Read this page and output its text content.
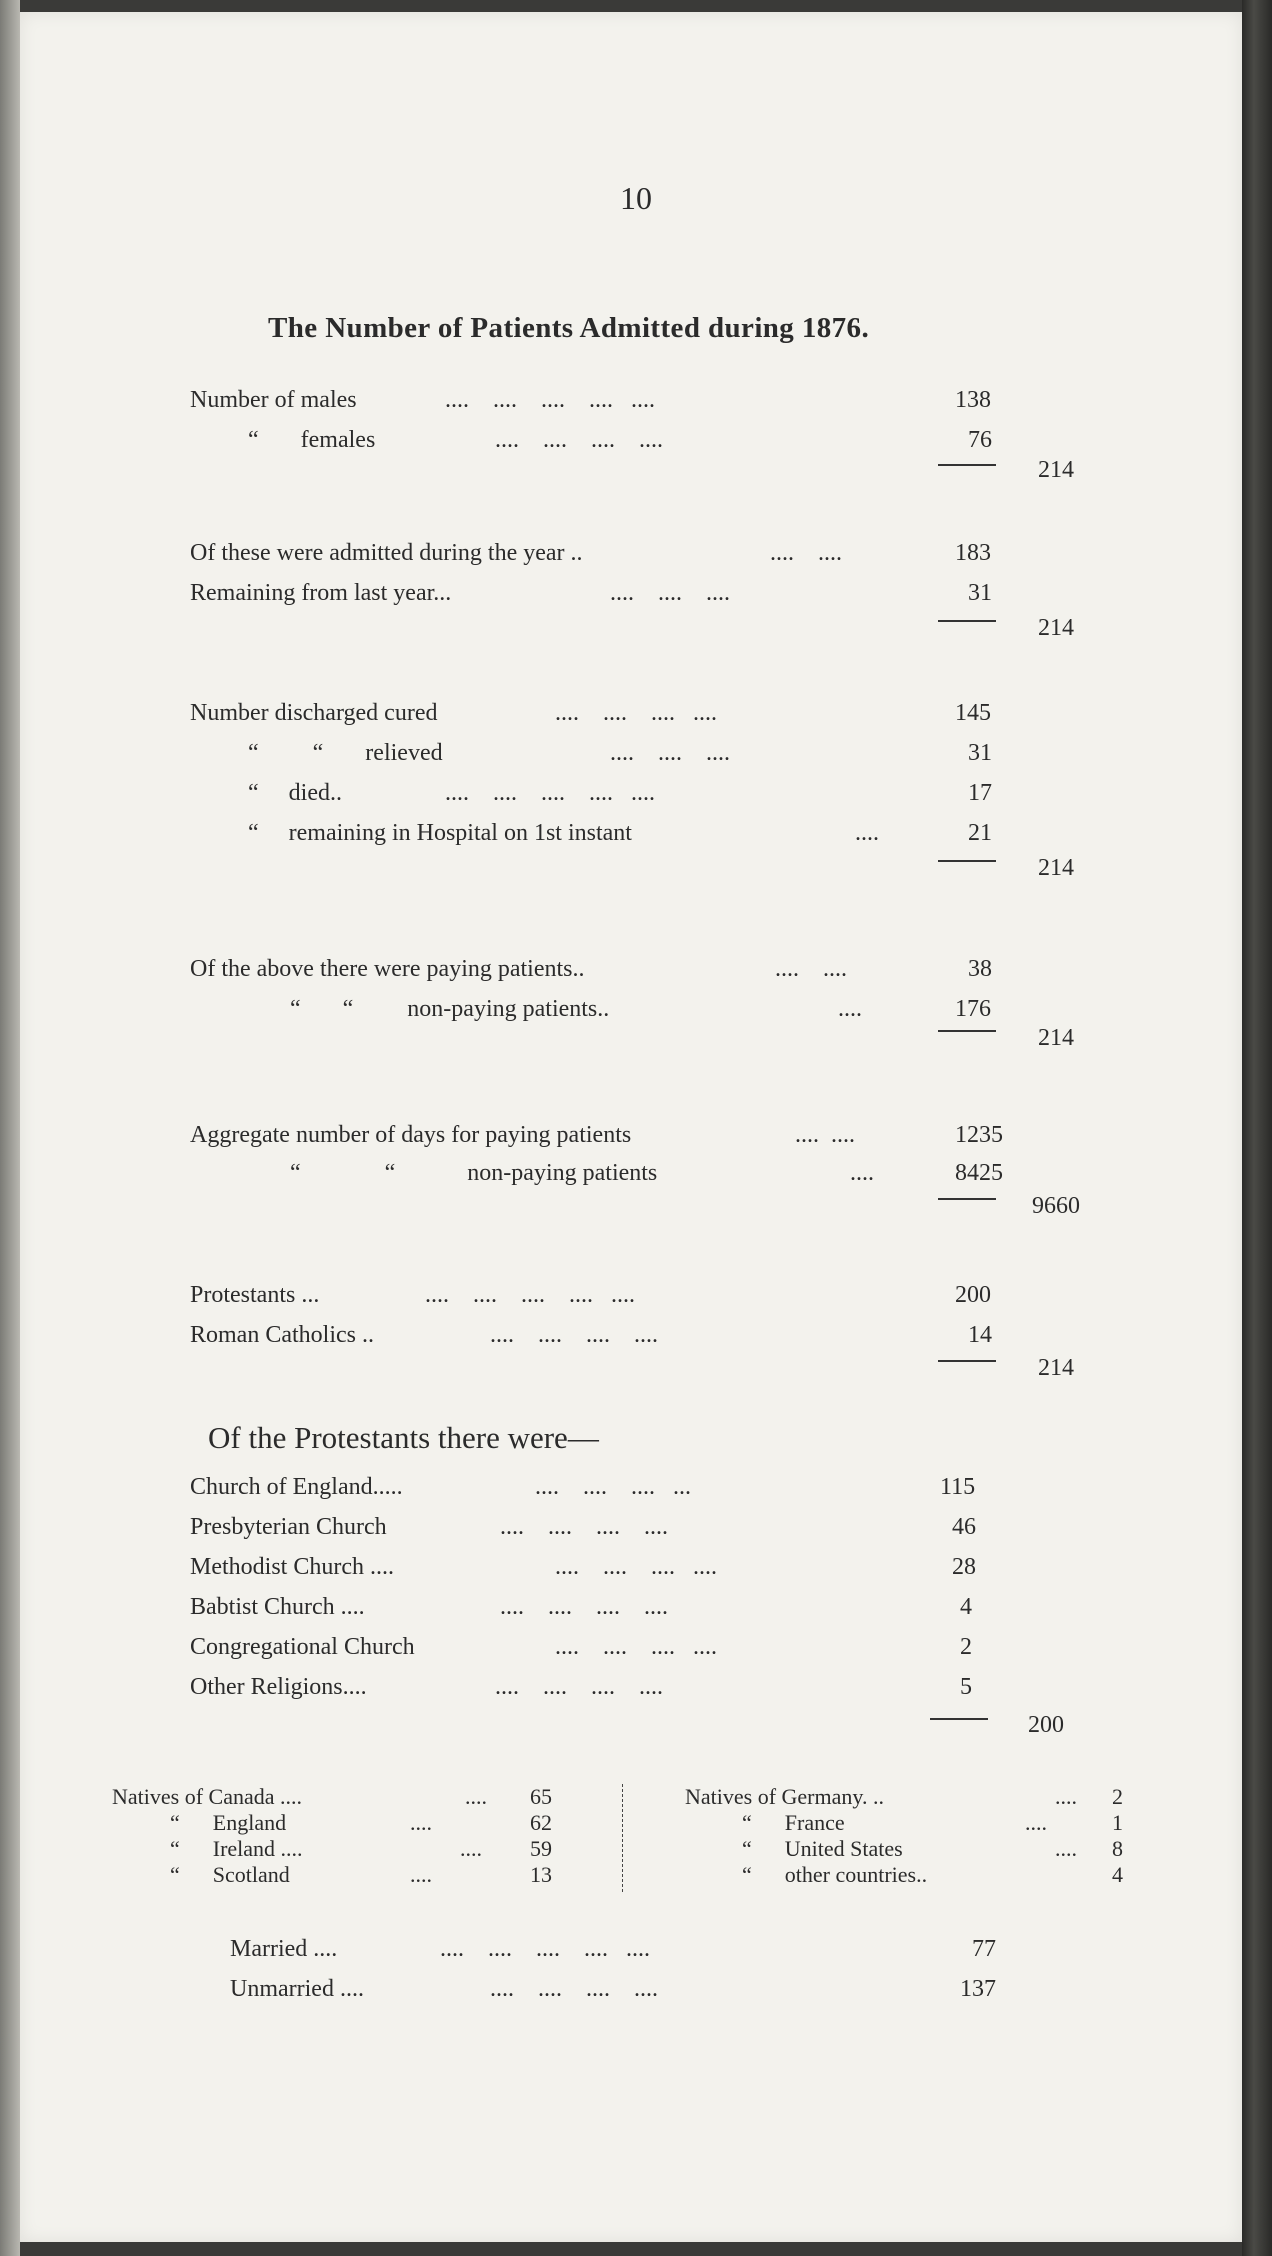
10
The Number of Patients Admitted during 1876.
Number of males	....    ....    ....    ....   ....	138
“       females	....    ....    ....    ....	76
214
Of these were admitted during the year ..	....    ....	183
Remaining from last year...	....    ....    ....	31
214
Number discharged cured	....    ....    ....   ....	145
“         “       relieved	....    ....    ....	31
“     died..	....    ....    ....    ....   ....	17
“     remaining in Hospital on 1st instant	....	21
214
Of the above there were paying patients..	....    ....	38
“       “         non-paying patients..	....	176
214
Aggregate number of days for paying patients	....  ....	1235
“              “            non-paying patients	....	8425
9660
Protestants ...	....    ....    ....    ....   ....	200
Roman Catholics ..	....    ....    ....    ....	14
214
Of the Protestants there were—
Church of England.....	....    ....    ....   ...	115
Presbyterian Church	....    ....    ....    ....	46
Methodist Church ....	....    ....    ....   ....	28
Babtist Church ....	....    ....    ....    ....	4
Congregational Church	....    ....    ....   ....	2
Other Religions....	....    ....    ....    ....	5
200
Natives of Canada ....	.... 65
“      England	....	62
“      Ireland ....	.... 59
“      Scotland	....	13
Natives of Germany. ..	.... 2
“      France	....	1
“      United States	.... 8
“      other countries..	4
Married ....	....    ....    ....    ....   ....	77
Unmarried ....	....    ....    ....    ....	137
